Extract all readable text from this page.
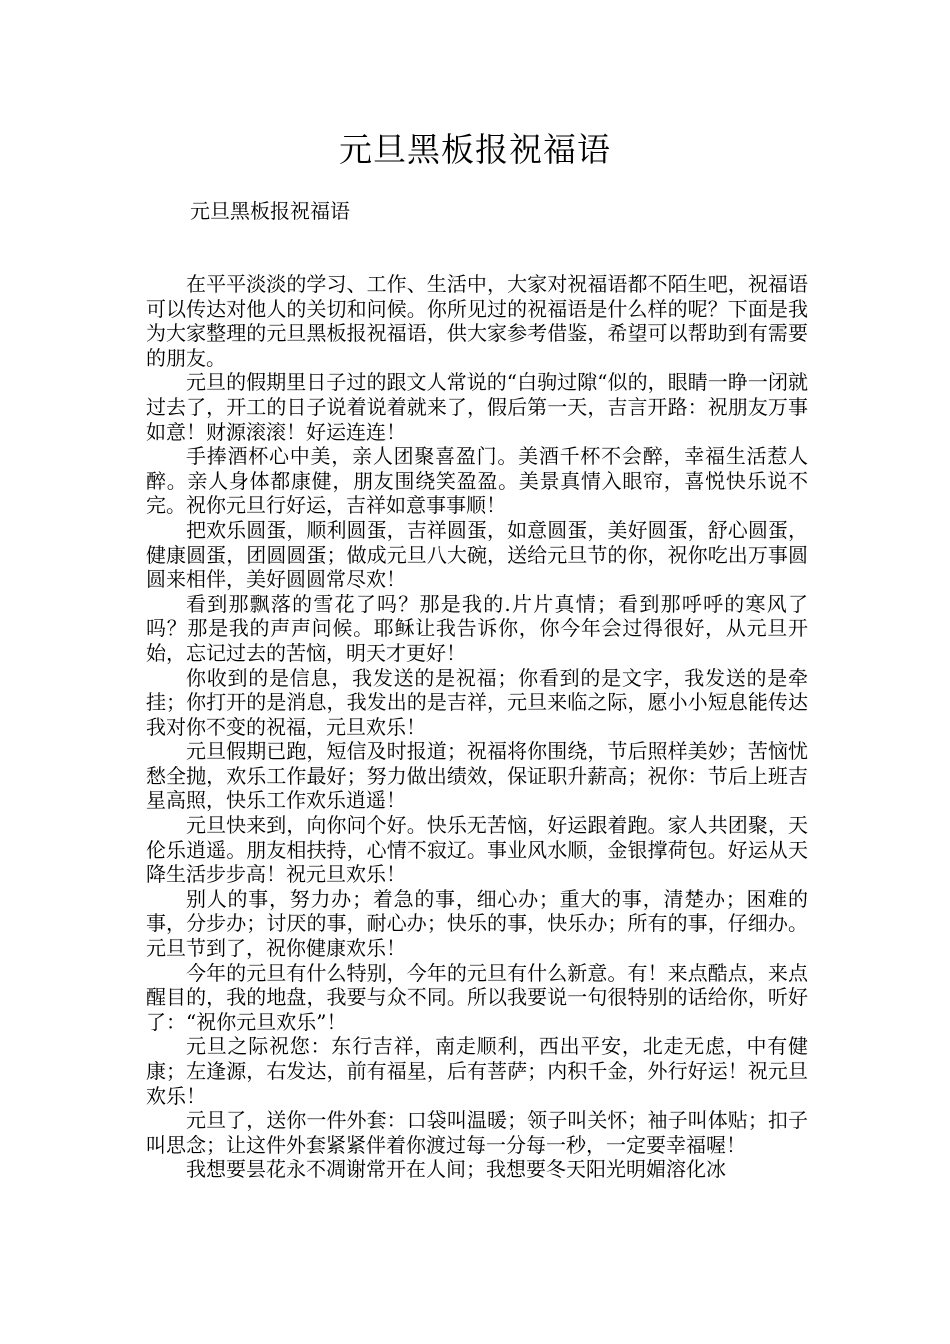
元旦黑板报祝福语
元旦黑板报祝福语

在平平淡淡的学习、工作、生活中，大家对祝福语都不陌生吧，祝福语可以传达对他人的关切和问候。你所见过的祝福语是什么样的呢？下面是我为大家整理的元旦黑板报祝福语，供大家参考借鉴，希望可以帮助到有需要的朋友。

元旦的假期里日子过的跟文人常说的“白驹过隙“似的，眼睛一睁一闭就过去了，开工的日子说着说着就来了，假后第一天，吉言开路：祝朋友万事如意！财源滚滚！好运连连！

手捧酒杯心中美，亲人团聚喜盈门。美酒千杯不会醉，幸福生活惹人醉。亲人身体都康健，朋友围绕笑盈盈。美景真情入眼帘，喜悦快乐说不完。祝你元旦行好运，吉祥如意事事顺！

把欢乐圆蛋，顺利圆蛋，吉祥圆蛋，如意圆蛋，美好圆蛋，舒心圆蛋，健康圆蛋，团圆圆蛋；做成元旦八大碗，送给元旦节的你，祝你吃出万事圆圆来相伴，美好圆圆常尽欢！

看到那飘落的雪花了吗？那是我的.片片真情；看到那呼呼的寒风了吗？那是我的声声问候。耶稣让我告诉你，你今年会过得很好，从元旦开始，忘记过去的苦恼，明天才更好！

你收到的是信息，我发送的是祝福；你看到的是文字，我发送的是牵挂；你打开的是消息，我发出的是吉祥，元旦来临之际，愿小小短息能传达我对你不变的祝福，元旦欢乐！

元旦假期已跑，短信及时报道；祝福将你围绕，节后照样美妙；苦恼忧愁全抛，欢乐工作最好；努力做出绩效，保证职升薪高；祝你：节后上班吉星高照，快乐工作欢乐逍遥！

元旦快来到，向你问个好。快乐无苦恼，好运跟着跑。家人共团聚，天伦乐逍遥。朋友相扶持，心情不寂辽。事业风水顺，金银撑荷包。好运从天降生活步步高！祝元旦欢乐！

别人的事，努力办；着急的事，细心办；重大的事，清楚办；困难的事，分步办；讨厌的事，耐心办；快乐的事，快乐办；所有的事，仔细办。元旦节到了，祝你健康欢乐！

今年的元旦有什么特别，今年的元旦有什么新意。有！来点酷点，来点醒目的，我的地盘，我要与众不同。所以我要说一句很特别的话给你，听好了：“祝你元旦欢乐”！

元旦之际祝您：东行吉祥，南走顺利，西出平安，北走无虑，中有健康；左逢源，右发达，前有福星，后有菩萨；内积千金，外行好运！祝元旦欢乐！

元旦了，送你一件外套：口袋叫温暖；领子叫关怀；袖子叫体贴；扣子叫思念；让这件外套紧紧伴着你渡过每一分每一秒，一定要幸福喔！

我想要昙花永不凋谢常开在人间；我想要冬天阳光明媚溶化冰
